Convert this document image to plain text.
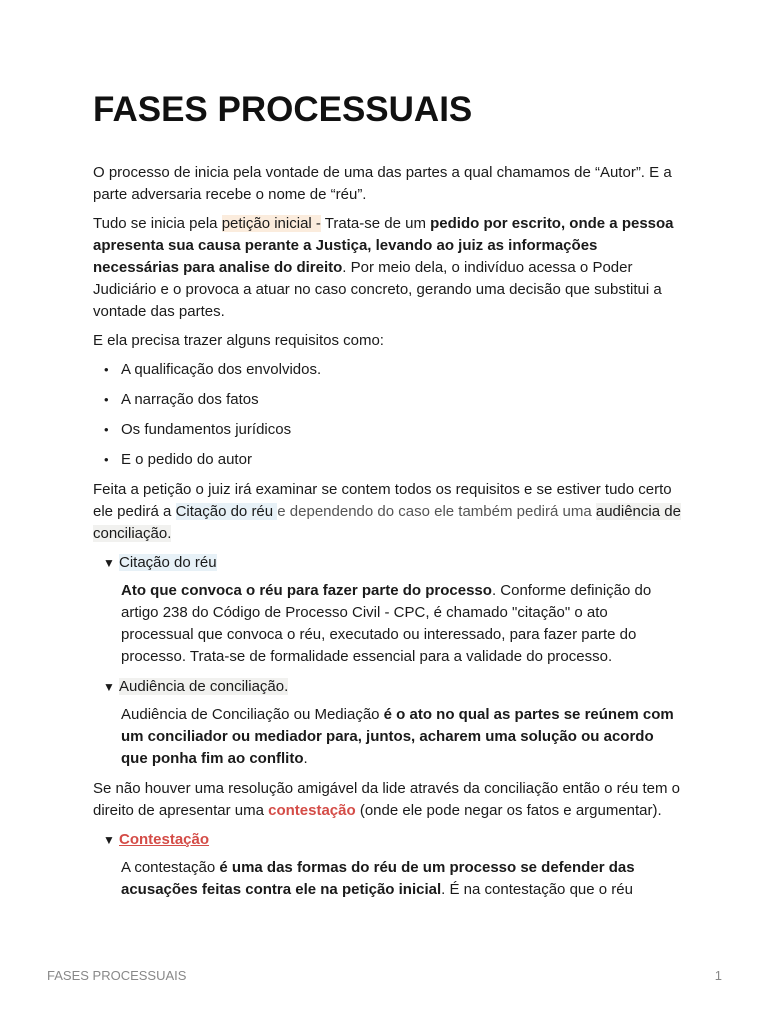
FASES PROCESSUAIS

O processo de inicia pela vontade de uma das partes a qual chamamos de “Autor”. E a parte adversaria recebe o nome de “réu”.

Tudo se inicia pela petição inicial - Trata-se de um pedido por escrito, onde a pessoa apresenta sua causa perante a Justiça, levando ao juiz as informações necessárias para analise do direito. Por meio dela, o indivíduo acessa o Poder Judiciário e o provoca a atuar no caso concreto, gerando uma decisão que substitui a vontade das partes.

E ela precisa trazer alguns requisitos como:

• A qualificação dos envolvidos.
• A narração dos fatos
• Os fundamentos jurídicos
• E o pedido do autor

Feita a petição o juiz irá examinar se contem todos os requisitos e se estiver tudo certo ele pedirá a Citação do réu e dependendo do caso ele também pedirá uma audiência de conciliação.

▼ Citação do réu

Ato que convoca o réu para fazer parte do processo. Conforme definição do artigo 238 do Código de Processo Civil - CPC, é chamado "citação" o ato processual que convoca o réu, executado ou interessado, para fazer parte do processo. Trata-se de formalidade essencial para a validade do processo.

▼ Audiência de conciliação.

Audiência de Conciliação ou Mediação é o ato no qual as partes se reúnem com um conciliador ou mediador para, juntos, acharem uma solução ou acordo que ponha fim ao conflito.

Se não houver uma resolução amigável da lide através da conciliação então o réu tem o direito de apresentar uma contestação (onde ele pode negar os fatos e argumentar).

▼ Contestação

A contestação é uma das formas do réu de um processo se defender das acusações feitas contra ele na petição inicial. É na contestação que o réu

FASES PROCESSUAIS	1
